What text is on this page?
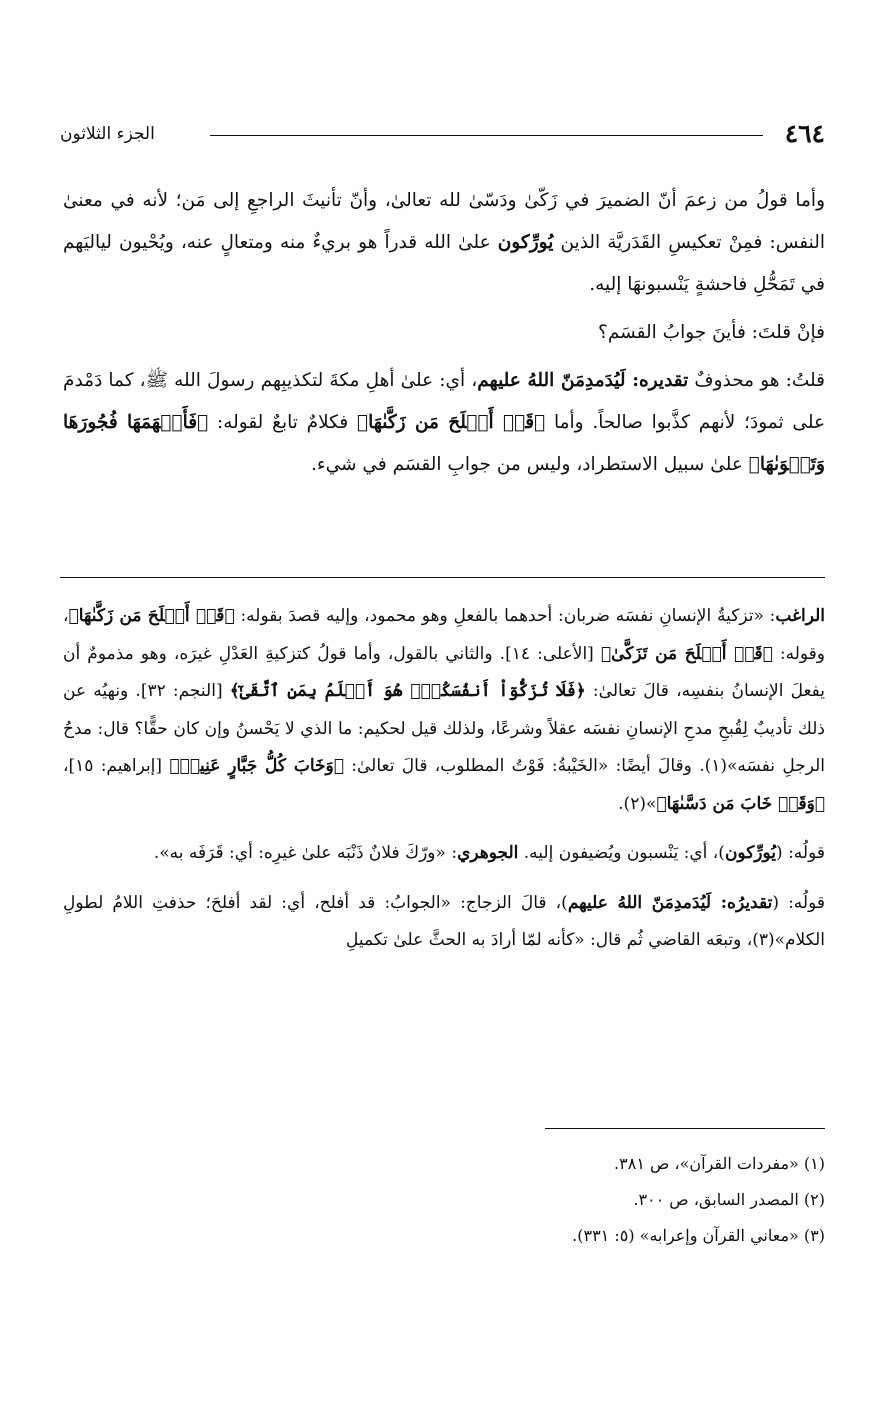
٤٦٤
الجزء الثلاثون

وأما قولُ من زعمَ أنّ الضميرَ في زَكّىٰ ودَسّىٰ لله تعالىٰ، وأنّ تأنيثَ الراجعِ إلى مَن؛ لأنه في معنىٰ النفس: فمِنْ تعكيسِ القَدَريَّة الذين يُورِّكون علىٰ الله قدراً هو بريءٌ منه ومتعالٍ عنه، ويُحْيون لياليَهم في تَمَحُّلِ فاحشةٍ يَنْسبونهَا إليه.

فإنْ قلتَ: فأينَ جوابُ القسَم؟

قلتُ: هو محذوفٌ تقديره: لَيُدَمدِمَنّ اللهُ عليهم، أي: علىٰ أهلِ مكةَ لتكذيبِهم رسولَ الله ﷺ، كما دَمْدمَ على ثمودَ؛ لأنهم كذَّبوا صالحاً. وأما ﴿قَدۡ أَفۡلَحَ مَن زَكَّىٰهَا﴾ فكلامٌ تابعٌ لقوله: ﴿فَأَلۡهَمَهَا فُجُورَهَا وَتَقۡوَىٰهَا﴾ علىٰ سبيل الاستطراد، وليس من جوابِ القسَم في شيء.

الراغب: «تزكيةُ الإنسانِ نفسَه ضربان: أحدهما بالفعلِ وهو محمود، وإليه قصدَ بقوله: ﴿قَدۡ أَفۡلَحَ مَن زَكَّىٰهَا﴾، وقوله: ﴿قَدۡ أَفۡلَحَ مَن تَزَكَّىٰ﴾ [الأعلى: ١٤]. والثاني بالقول، وأما قولُ كتزكيةِ العَدْلِ غيرَه، وهو مذمومٌ أن يفعلَ الإنسانُ بنفسِه، قالَ تعالىٰ: ﴿فَلَا تُزَكُّوٓاْ أَنفُسَكُمۡۖ هُوَ أَعۡلَمُ بِمَنِ ٱتَّقَىٰٓ﴾ [النجم: ٣٢]. ونهيُه عن ذلك تأديبٌ لِقُبحِ مدحِ الإنسانِ نفسَه عقلاً وشرعًا، ولذلك قيل لحكيم: ما الذي لا يَحْسنُ وإن كان حقًّا؟ قال: مدحُ الرجلِ نفسَه»(١). وقالَ أيضًا: «الخَيْبةُ: فَوْتُ المطلوب، قالَ تعالىٰ: ﴿وَخَابَ كُلُّ جَبَّارٍ عَنِيدٖ﴾ [إبراهيم: ١٥]، ﴿وَقَدۡ خَابَ مَن دَسَّىٰهَا﴾»(٢).

قولُه: (يُورِّكون)، أي: يَنْسبون ويُضيفون إليه. الجوهري: «ورّكَ فلانٌ ذَنْبَه علىٰ غيرِه: أي: قَرَفَه به».

قولُه: (تقديرُه: لَيُدَمدِمَنّ اللهُ عليهم)، قالَ الزجاج: «الجوابُ: قد أفلح، أي: لقد أفلحَ؛ حذفتِ اللامُ لطولِ الكلام»(٣)، وتبعَه القاضي ثُم قال: «كأنه لمّا أرادَ به الحثَّ علىٰ تكميلِ

(١) «مفردات القرآن»، ص ٣٨١.

(٢) المصدر السابق، ص ٣٠٠.

(٣) «معاني القرآن وإعرابه» (٥: ٣٣١).
